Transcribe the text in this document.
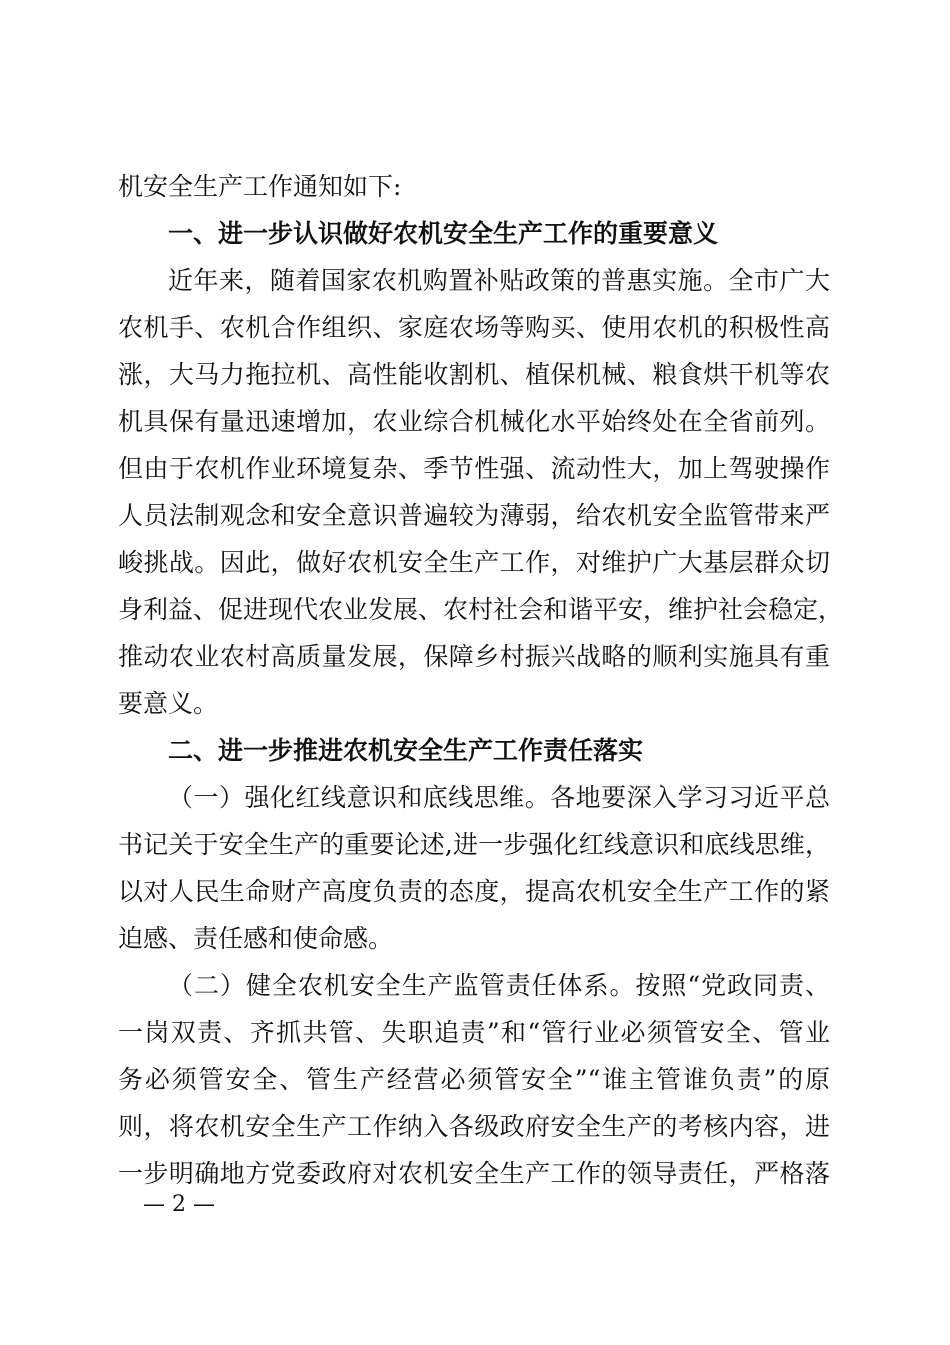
机安全生产工作通知如下:
一、进一步认识做好农机安全生产工作的重要意义
近年来，随着国家农机购置补贴政策的普惠实施。全市广大
农机手、农机合作组织、家庭农场等购买、使用农机的积极性高
涨，大马力拖拉机、高性能收割机、植保机械、粮食烘干机等农
机具保有量迅速增加，农业综合机械化水平始终处在全省前列。
但由于农机作业环境复杂、季节性强、流动性大，加上驾驶操作
人员法制观念和安全意识普遍较为薄弱，给农机安全监管带来严
峻挑战。因此，做好农机安全生产工作，对维护广大基层群众切
身利益、促进现代农业发展、农村社会和谐平安，维护社会稳定，
推动农业农村高质量发展，保障乡村振兴战略的顺利实施具有重
要意义。
二、进一步推进农机安全生产工作责任落实
（一）强化红线意识和底线思维。各地要深入学习习近平总
书记关于安全生产的重要论述,进一步强化红线意识和底线思维，
以对人民生命财产高度负责的态度，提高农机安全生产工作的紧
迫感、责任感和使命感。
（二）健全农机安全生产监管责任体系。按照“党政同责、
一岗双责、齐抓共管、失职追责”和“管行业必须管安全、管业
务必须管安全、管生产经营必须管安全”“谁主管谁负责”的原
则，将农机安全生产工作纳入各级政府安全生产的考核内容，进
一步明确地方党委政府对农机安全生产工作的领导责任，严格落
— 2 —
